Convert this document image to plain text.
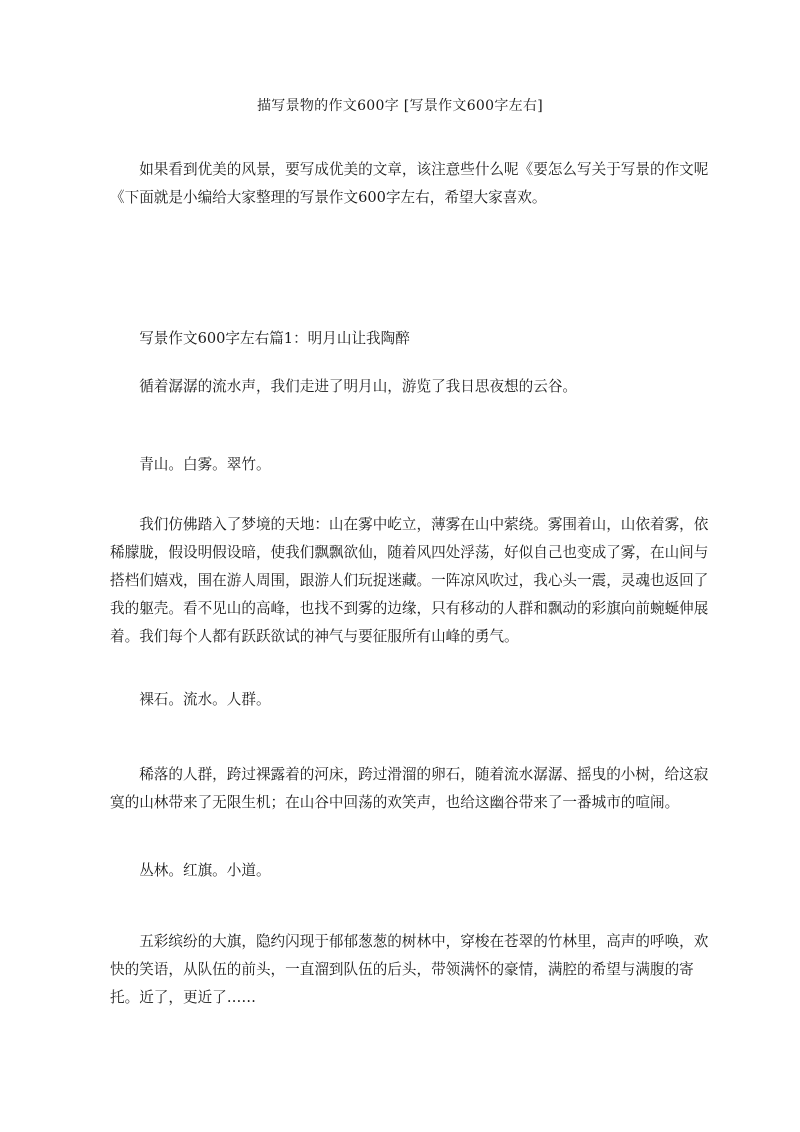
描写景物的作文600字 [写景作文600字左右]
如果看到优美的风景，要写成优美的文章，该注意些什么呢《要怎么写关于写景的作文呢《下面就是小编给大家整理的写景作文600字左右，希望大家喜欢。
写景作文600字左右篇1：明月山让我陶醉
循着潺潺的流水声，我们走进了明月山，游览了我日思夜想的云谷。
青山。白雾。翠竹。
我们仿佛踏入了梦境的天地：山在雾中屹立，薄雾在山中萦绕。雾围着山，山依着雾，依稀朦胧，假设明假设暗，使我们飘飘欲仙，随着风四处浮荡，好似自己也变成了雾，在山间与搭档们嬉戏，围在游人周围，跟游人们玩捉迷藏。一阵凉风吹过，我心头一震，灵魂也返回了我的躯壳。看不见山的高峰，也找不到雾的边缘，只有移动的人群和飘动的彩旗向前蜿蜒伸展着。我们每个人都有跃跃欲试的神气与要征服所有山峰的勇气。
裸石。流水。人群。
稀落的人群，跨过裸露着的河床，跨过滑溜的卵石，随着流水潺潺、摇曳的小树，给这寂寞的山林带来了无限生机；在山谷中回荡的欢笑声，也给这幽谷带来了一番城市的喧闹。
丛林。红旗。小道。
五彩缤纷的大旗，隐约闪现于郁郁葱葱的树林中，穿梭在苍翠的竹林里，高声的呼唤，欢快的笑语，从队伍的前头，一直溜到队伍的后头，带领满怀的豪情，满腔的希望与满腹的寄托。近了，更近了……
